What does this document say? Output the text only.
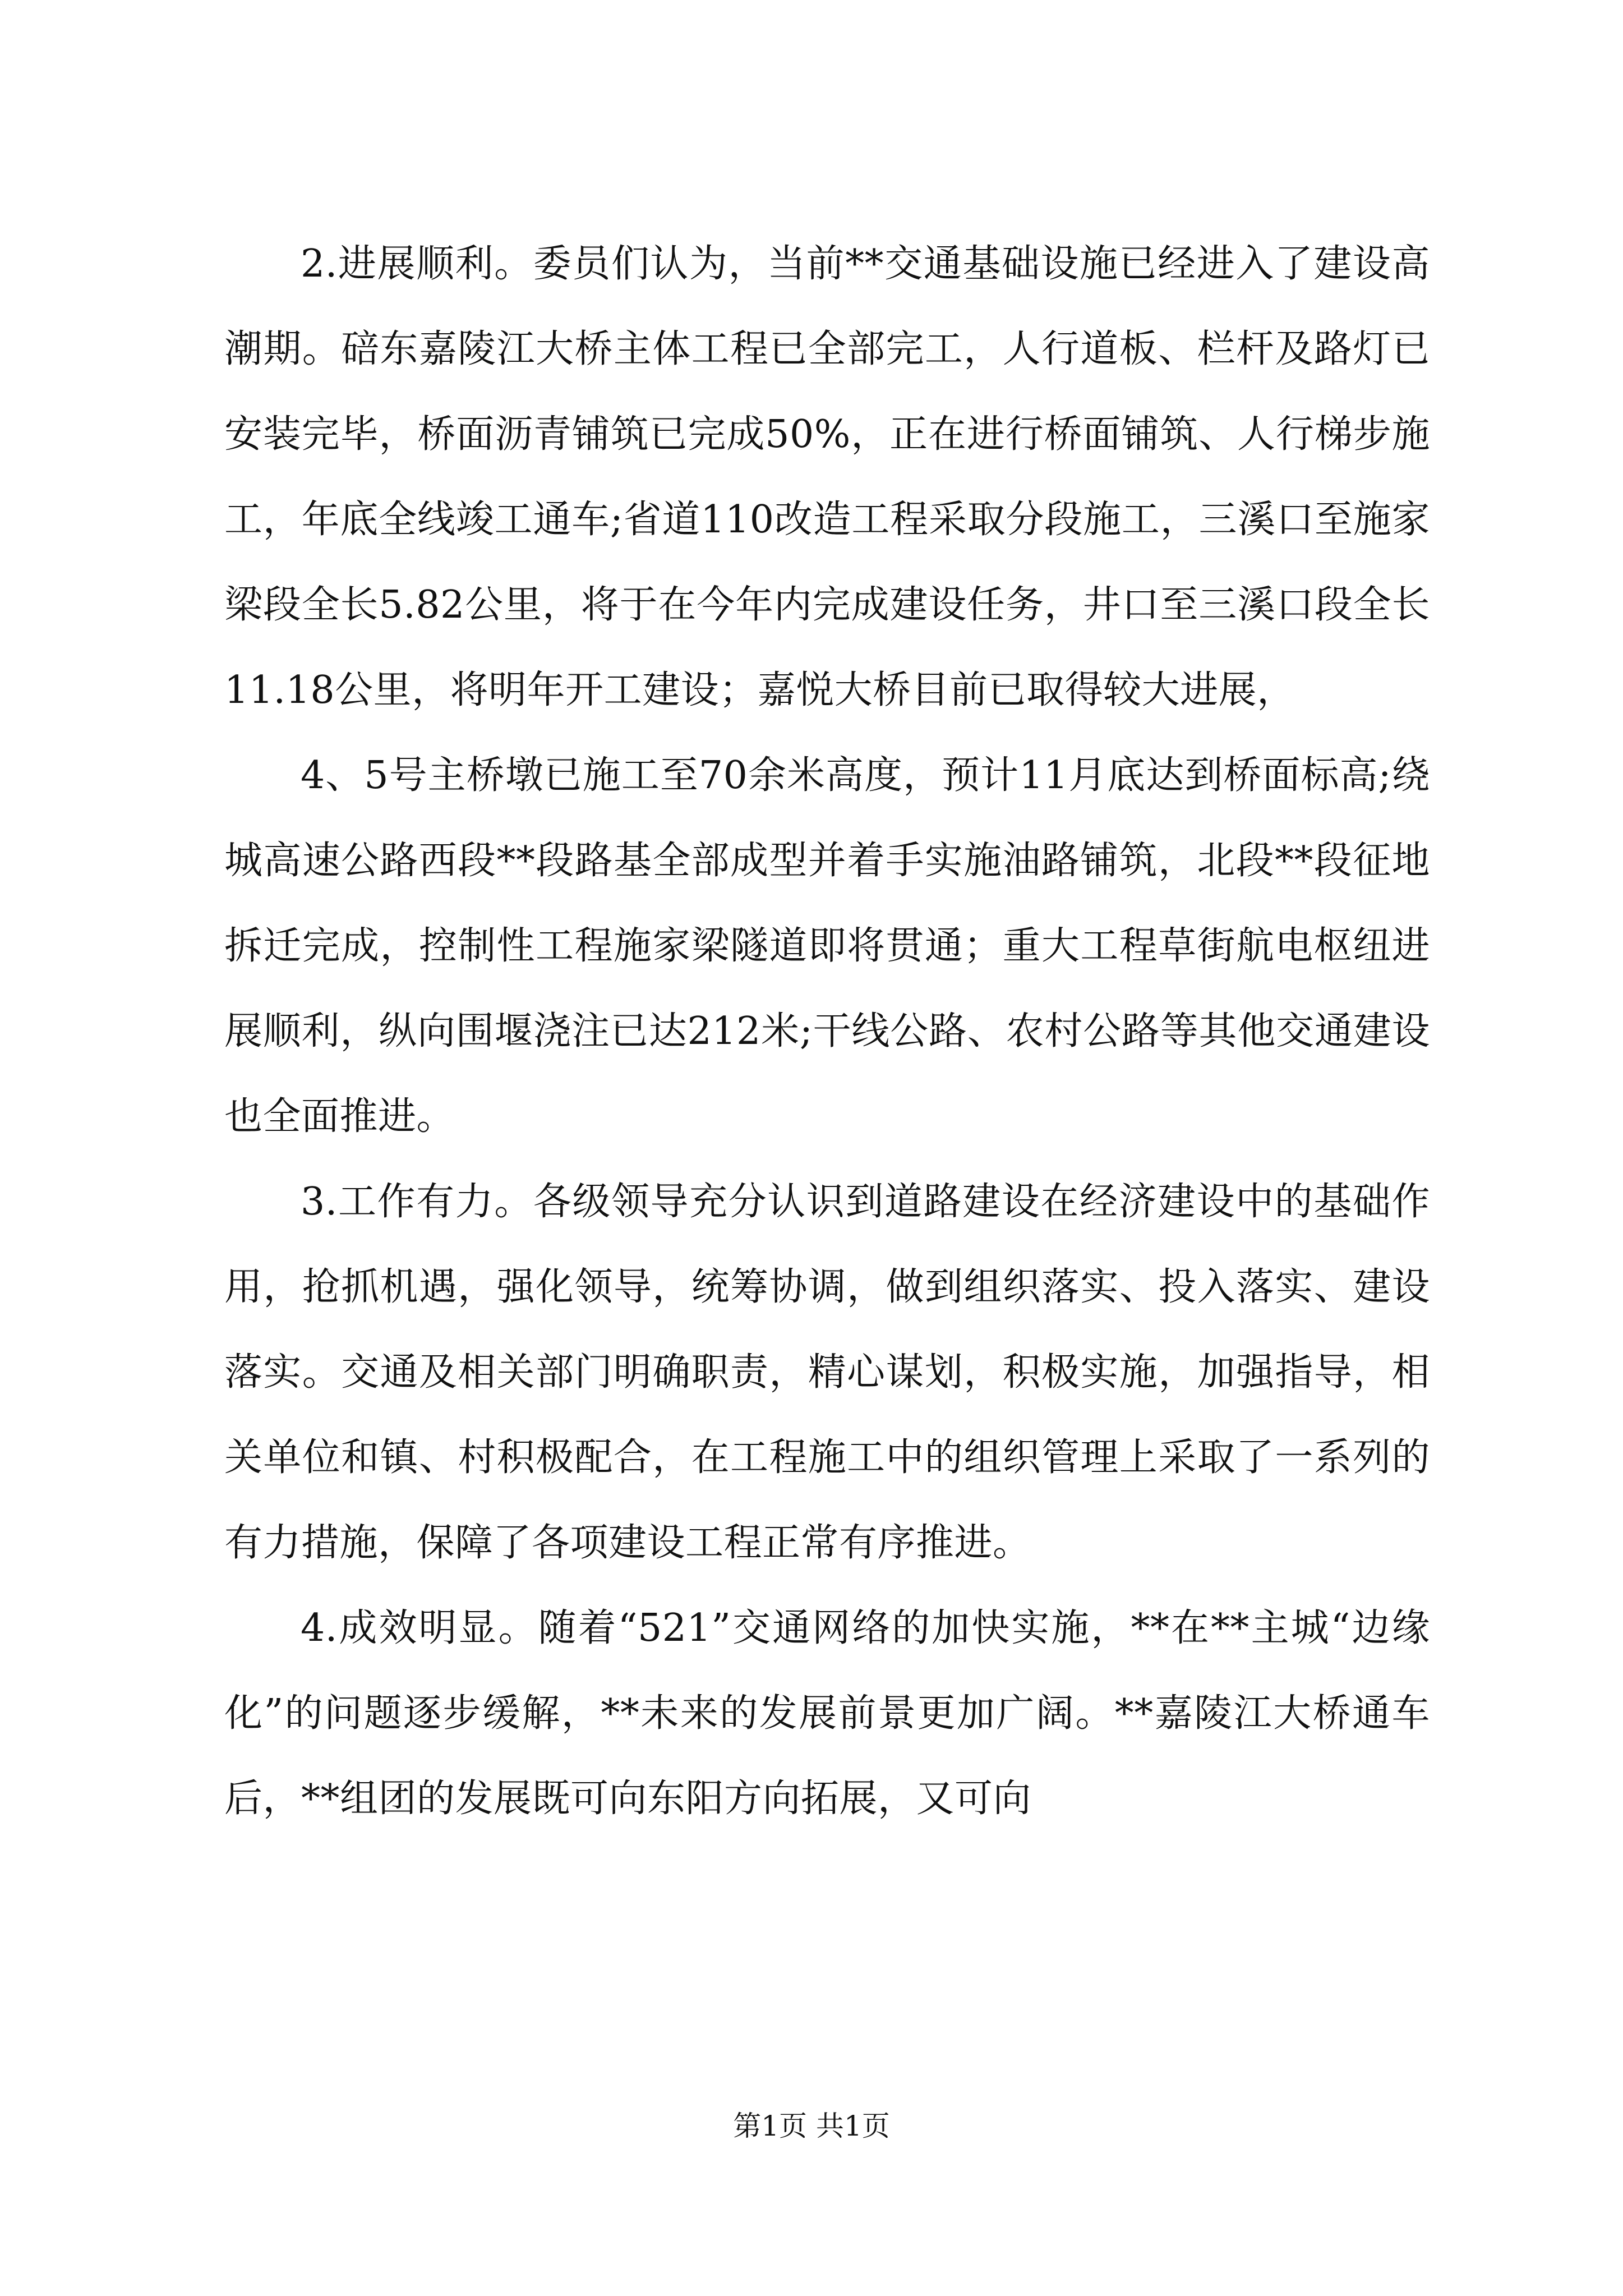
2.进展顺利。委员们认为，当前**交通基础设施已经进入了建设高潮期。碚东嘉陵江大桥主体工程已全部完工，人行道板、栏杆及路灯已安装完毕，桥面沥青铺筑已完成50%，正在进行桥面铺筑、人行梯步施工，年底全线竣工通车;省道110改造工程采取分段施工，三溪口至施家梁段全长5.82公里，将于在今年内完成建设任务，井口至三溪口段全长11.18公里，将明年开工建设；嘉悦大桥目前已取得较大进展，

4、5号主桥墩已施工至70余米高度，预计11月底达到桥面标高;绕城高速公路西段**段路基全部成型并着手实施油路铺筑，北段**段征地拆迁完成，控制性工程施家梁隧道即将贯通；重大工程草街航电枢纽进展顺利，纵向围堰浇注已达212米;干线公路、农村公路等其他交通建设也全面推进。

3.工作有力。各级领导充分认识到道路建设在经济建设中的基础作用，抢抓机遇，强化领导，统筹协调，做到组织落实、投入落实、建设落实。交通及相关部门明确职责，精心谋划，积极实施，加强指导，相关单位和镇、村积极配合，在工程施工中的组织管理上采取了一系列的有力措施，保障了各项建设工程正常有序推进。

4.成效明显。随着“521”交通网络的加快实施，**在**主城“边缘化”的问题逐步缓解，**未来的发展前景更加广阔。**嘉陵江大桥通车后，**组团的发展既可向东阳方向拓展，又可向

第1页 共1页
